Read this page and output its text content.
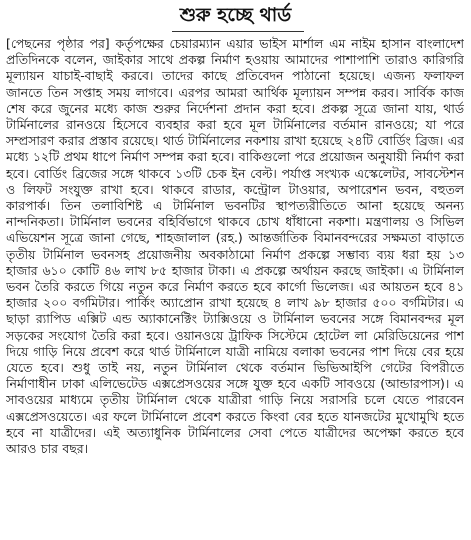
শুরু হচ্ছে থার্ড

[পেছনের পৃষ্ঠার পর] কর্তৃপক্ষের চেয়ারম্যান এয়ার ভাইস মার্শাল এম নাইম হাসান বাংলাদেশ প্রতিদিনকে বলেন, জাইকার সাথে প্রকল্প নির্মাণ হওয়ায় আমাদের পাশাপাশি তারাও কারিগরি মূল্যায়ন যাচাই-বাছাই করবে। তাদের কাছে প্রতিবেদন পাঠানো হয়েছে। এজন্য ফলাফল জানতে তিন সপ্তাহ সময় লাগবে। এরপর আমরা আর্থিক মূল্যায়ন সম্পন্ন করব। সার্বিক কাজ শেষ করে জুনের মধ্যে কাজ শুরুর নির্দেশনা প্রদান করা হবে। প্রকল্প সূত্রে জানা যায়, থার্ড টার্মিনালের রানওয়ে হিসেবে ব্যবহার করা হবে মূল টার্মিনালের বর্তমান রানওয়ে; যা পরে সম্প্রসারণ করার প্রস্তাব রয়েছে। থার্ড টার্মিনালের নকশায় রাখা হয়েছে ২৪টি বোর্ডিং ব্রিজ। এর মধ্যে ১২টি প্রথম ধাপে নির্মাণ সম্পন্ন করা হবে। বাকিগুলো পরে প্রয়োজন অনুযায়ী নির্মাণ করা হবে। বোর্ডিং ব্রিজের সঙ্গে থাকবে ১৩টি চেক ইন বেল্ট। পর্যাপ্ত সংখ্যক এস্কেলেটর, সাবস্টেশন ও লিফট সংযুক্ত রাখা হবে। থাকবে রাডার, কন্ট্রোল টাওয়ার, অপারেশন ভবন, বহুতল কারপার্ক। তিন তলাবিশিষ্ট এ টার্মিনাল ভবনটির স্থাপত্যরীতিতে আনা হয়েছে অনন্য নান্দনিকতা। টার্মিনাল ভবনের বহির্বিভাগে থাকবে চোখ ধাঁধানো নকশা। মন্ত্রণালয় ও সিভিল এভিয়েশন সূত্রে জানা গেছে, শাহজালাল (রহ.) আন্তর্জাতিক বিমানবন্দরের সক্ষমতা বাড়াতে তৃতীয় টার্মিনাল ভবনসহ প্রয়োজনীয় অবকাঠামো নির্মাণ প্রকল্পে সম্ভাব্য ব্যয় ধরা হয় ১৩ হাজার ৬১০ কোটি ৪৬ লাখ ৮৫ হাজার টাকা। এ প্রকল্পে অর্থায়ন করছে জাইকা। এ টার্মিনাল ভবন তৈরি করতে গিয়ে নতুন করে নির্মাণ করতে হবে কার্গো ভিলেজ। এর আয়তন হবে ৪১ হাজার ২০০ বর্গমিটার। পার্কিং অ্যাপ্রোন রাখা হয়েছে ৪ লাখ ৯৮ হাজার ৫০০ বর্গমিটার। এ ছাড়া র‌্যাপিড এক্সিট এন্ড অ্যাকানেক্টিং ট্যাক্সিওয়ে ও টার্মিনাল ভবনের সঙ্গে বিমানবন্দর মূল সড়কের সংযোগ তৈরি করা হবে। ওয়ানওয়ে ট্রাফিক সিস্টেমে হোটেল লা মেরিডিয়েনের পাশ দিয়ে গাড়ি নিয়ে প্রবেশ করে থার্ড টার্মিনালে যাত্রী নামিয়ে বলাকা ভবনের পাশ দিয়ে বের হয়ে যেতে হবে। শুধু তাই নয়, নতুন টার্মিনাল থেকে বর্তমান ভিভিআইপি গেটের বিপরীতে নির্মাণাধীন ঢাকা এলিভেটেড এক্সপ্রেসওয়ের সঙ্গে যুক্ত হবে একটি সাবওয়ে (আন্ডারপাস)। এ সাবওয়ের মাধ্যমে তৃতীয় টার্মিনাল থেকে যাত্রীরা গাড়ি নিয়ে সরাসরি চলে যেতে পারবেন এক্সপ্রেসওয়েতে। এর ফলে টার্মিনালে প্রবেশ করতে কিংবা বের হতে যানজটের মুখোমুখি হতে হবে না যাত্রীদের। এই অত্যাধুনিক টার্মিনালের সেবা পেতে যাত্রীদের অপেক্ষা করতে হবে আরও চার বছর।
